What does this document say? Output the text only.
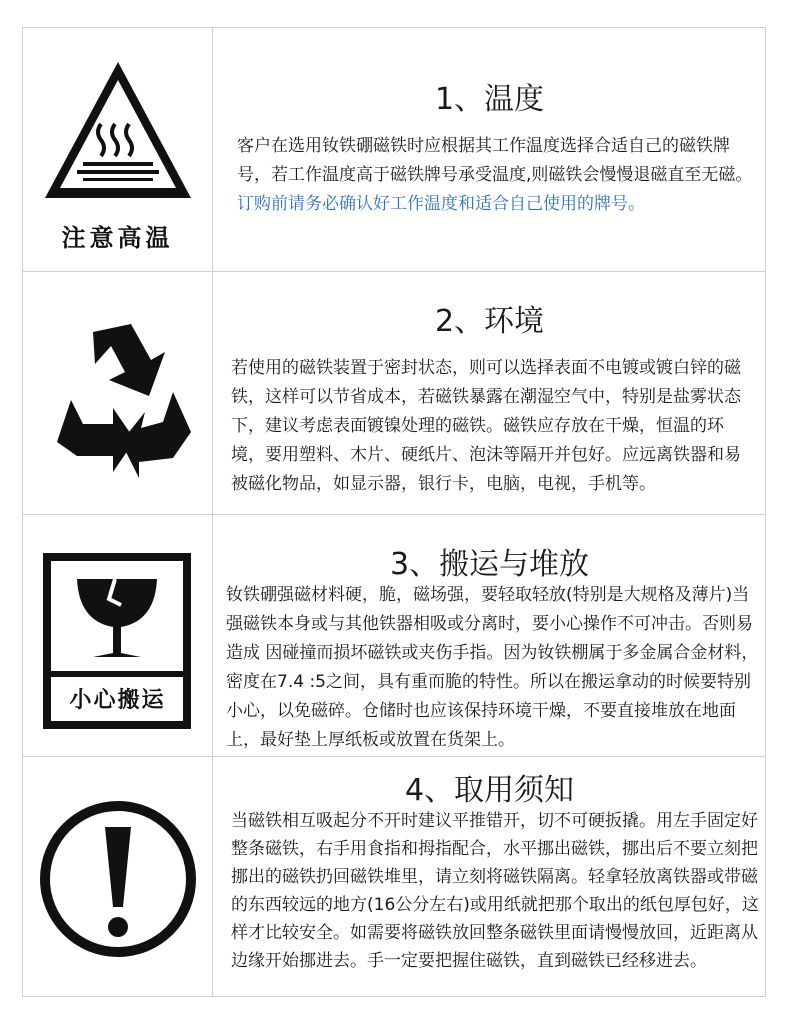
注意高温
1、温度
客户在选用钕铁硼磁铁时应根据其工作温度选择合适自己的磁铁牌号，若工作温度高于磁铁牌号承受温度,则磁铁会慢慢退磁直至无磁。订购前请务必确认好工作温度和适合自己使用的牌号。
2、环境
若使用的磁铁装置于密封状态，则可以选择表面不电镀或镀白锌的磁铁，这样可以节省成本，若磁铁暴露在潮湿空气中，特别是盐雾状态下，建议考虑表面镀镍处理的磁铁。磁铁应存放在干燥，恒温的环境，要用塑料、木片、硬纸片、泡沫等隔开并包好。应远离铁器和易被磁化物品，如显示器，银行卡，电脑，电视，手机等。
小心搬运
3、搬运与堆放
钕铁硼强磁材料硬，脆，磁场强，要轻取轻放(特别是大规格及薄片)当强磁铁本身或与其他铁器相吸或分离时，要小心操作不可冲击。否则易造成 因碰撞而损坏磁铁或夹伤手指。因为钕铁棚属于多金属合金材料，密度在7.4 :5之间，具有重而脆的特性。所以在搬运拿动的时候要特别小心，以免磁碎。仓储时也应该保持环境干燥，不要直接堆放在地面上，最好垫上厚纸板或放置在货架上。
4、取用须知
当磁铁相互吸起分不开时建议平推错开，切不可硬扳撬。用左手固定好整条磁铁，右手用食指和拇指配合，水平挪出磁铁，挪出后不要立刻把挪出的磁铁扔回磁铁堆里，请立刻将磁铁隔离。轻拿轻放离铁器或带磁的东西较远的地方(16公分左右)或用纸就把那个取出的纸包厚包好，这样才比较安全。如需要将磁铁放回整条磁铁里面请慢慢放回，近距离从边缘开始挪进去。手一定要把握住磁铁，直到磁铁已经移进去。
